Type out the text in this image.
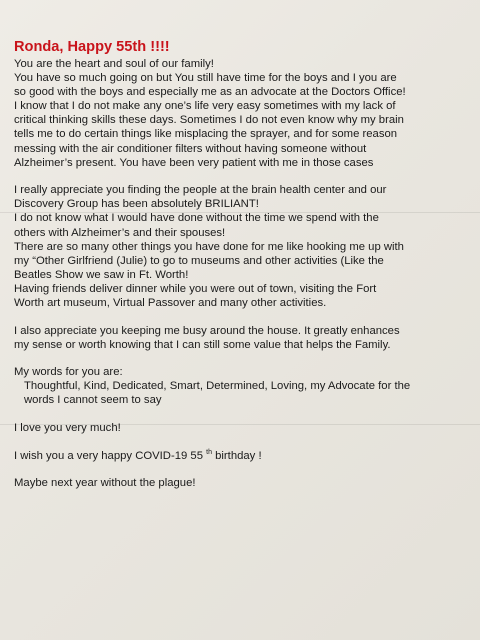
Ronda, Happy 55th !!!!

You are the heart and soul of our family!

You have so much going on but You still have time for the boys and I you are

so good with the boys and especially me as an advocate at the Doctors Office!

I know that I do not make any one’s life very easy sometimes with my lack of

critical thinking skills these days. Sometimes I do not even know why my brain

tells me to do certain things like misplacing the sprayer, and for some reason

messing with the air conditioner filters without having someone without

Alzheimer’s present. You have been very patient with me in those cases

I really appreciate you finding the people at the brain health center and our

Discovery Group has been absolutely BRILIANT!

I do not know what I would have done without the time we spend with the

others with Alzheimer’s and their spouses!

There are so many other things you have done for me like hooking me up with

my “Other Girlfriend (Julie) to go to museums and other activities (Like the

Beatles Show we saw in Ft. Worth!

Having friends deliver dinner while you were out of town, visiting the Fort

Worth art museum, Virtual Passover and many other activities.

I also appreciate you keeping me busy around the house. It greatly enhances

my sense or worth knowing that I can still some value that helps the Family.

My words for you are:

Thoughtful, Kind, Dedicated, Smart, Determined, Loving, my Advocate for the

words I cannot seem to say

I love you very much!

I wish you a very happy COVID-19 55 $^{th}$ birthday !

Maybe next year without the plague!
